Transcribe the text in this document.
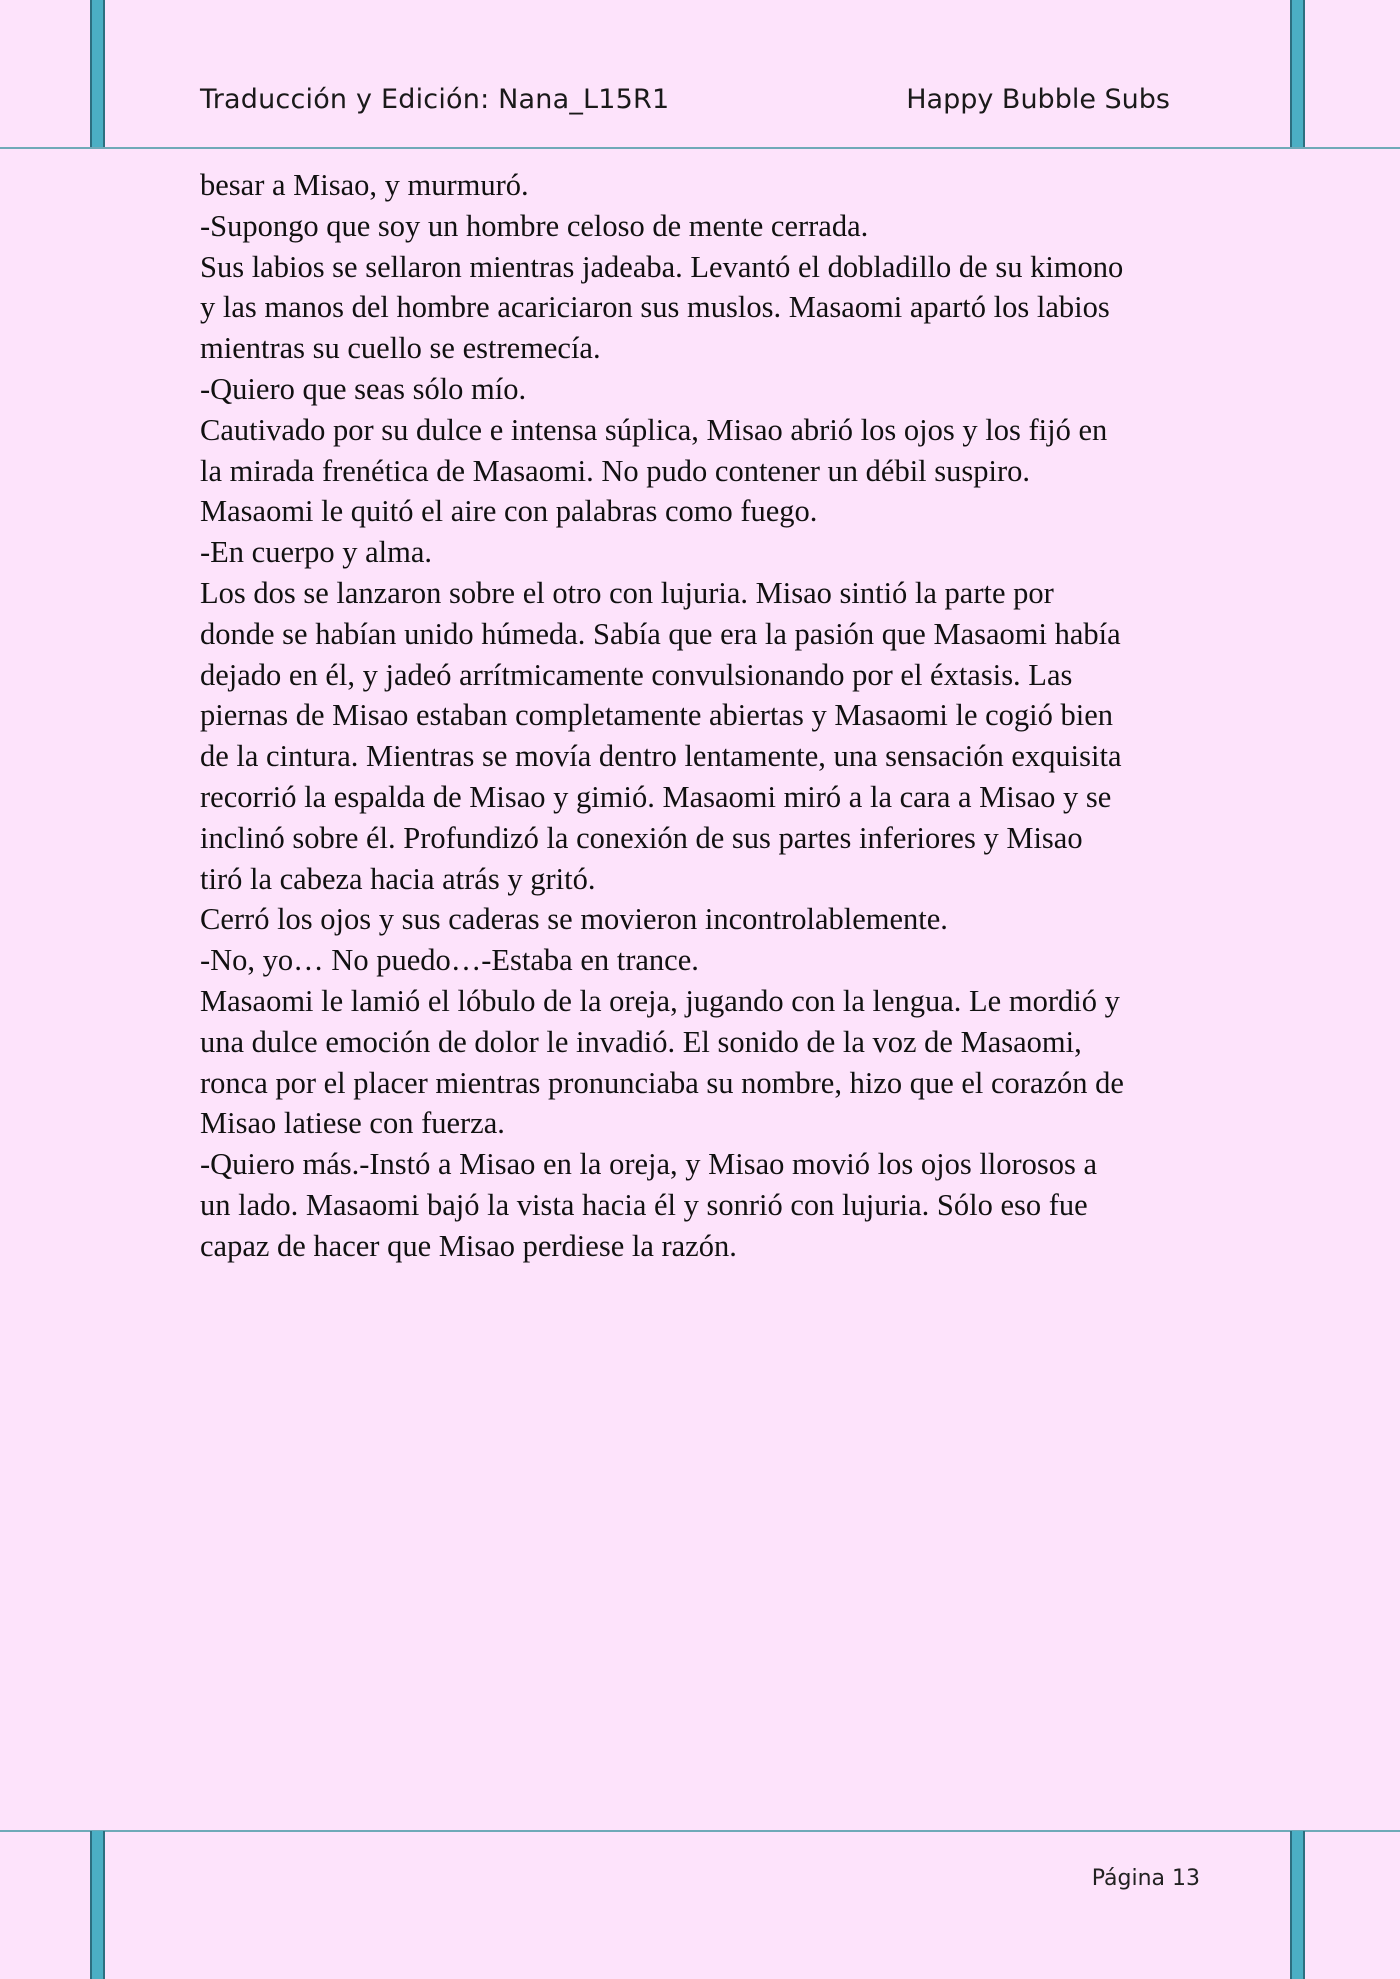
Traducción y Edición: Nana_L15R1	Happy Bubble Subs

besar a Misao, y murmuró.

-Supongo que soy un hombre celoso de mente cerrada.

Sus labios se sellaron mientras jadeaba. Levantó el dobladillo de su kimono

y las manos del hombre acariciaron sus muslos. Masaomi apartó los labios

mientras su cuello se estremecía.

-Quiero que seas sólo mío.

Cautivado por su dulce e intensa súplica, Misao abrió los ojos y los fijó en

la mirada frenética de Masaomi. No pudo contener un débil suspiro.

Masaomi le quitó el aire con palabras como fuego.

-En cuerpo y alma.

Los dos se lanzaron sobre el otro con lujuria. Misao sintió la parte por

donde se habían unido húmeda. Sabía que era la pasión que Masaomi había

dejado en él, y jadeó arrítmicamente convulsionando por el éxtasis. Las

piernas de Misao estaban completamente abiertas y Masaomi le cogió bien

de la cintura. Mientras se movía dentro lentamente, una sensación exquisita

recorrió la espalda de Misao y gimió. Masaomi miró a la cara a Misao y se

inclinó sobre él. Profundizó la conexión de sus partes inferiores y Misao

tiró la cabeza hacia atrás y gritó.

Cerró los ojos y sus caderas se movieron incontrolablemente.

-No, yo… No puedo…-Estaba en trance.

Masaomi le lamió el lóbulo de la oreja, jugando con la lengua. Le mordió y

una dulce emoción de dolor le invadió. El sonido de la voz de Masaomi,

ronca por el placer mientras pronunciaba su nombre, hizo que el corazón de

Misao latiese con fuerza.

-Quiero más.-Instó a Misao en la oreja, y Misao movió los ojos llorosos a

un lado. Masaomi bajó la vista hacia él y sonrió con lujuria. Sólo eso fue

capaz de hacer que Misao perdiese la razón.

Página 13
